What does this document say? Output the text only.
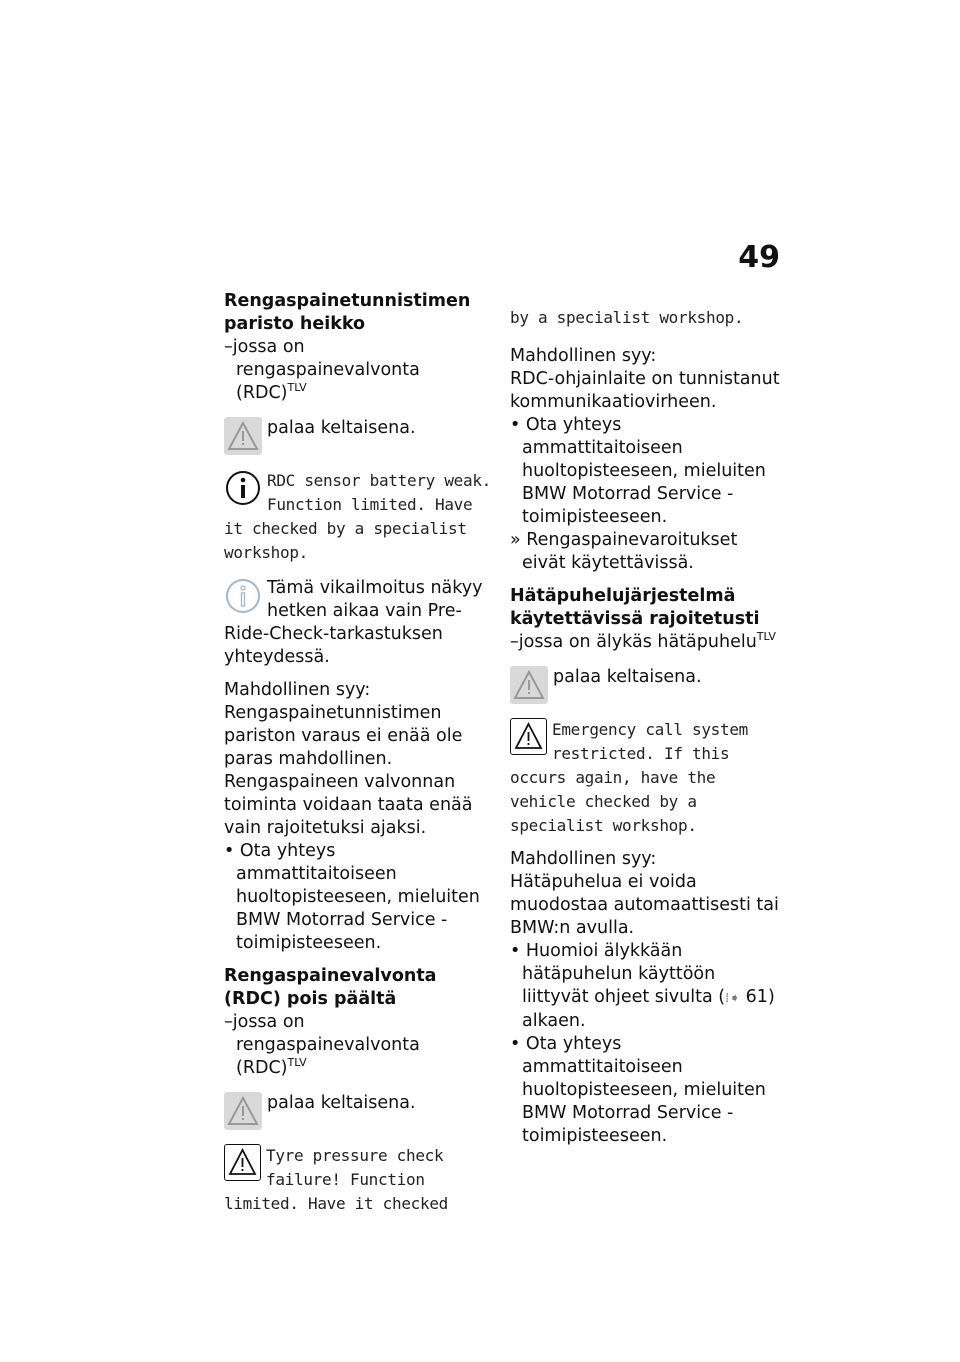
49

Rengaspainetunnistimen paristo heikko

–jossa on rengaspainevalvonta (RDC)$^{TLV}$

palaa keltaisena.
RDC sensor battery weak. Function limited. Have it checked by a specialist workshop.
Tämä vikailmoitus näkyy hetken aikaa vain Pre-Ride-Check-tarkastuksen yhteydessä.

Mahdollinen syy:

Rengaspainetunnistimen pariston varaus ei enää ole paras mahdollinen. Rengaspaineen valvonnan toiminta voidaan taata enää vain rajoitetuksi ajaksi.

• Ota yhteys ammattitaitoiseen huoltopisteeseen, mieluiten BMW Motorrad Service -toimipisteeseen.

Rengaspainevalvonta (RDC) pois päältä

–jossa on rengaspainevalvonta (RDC)$^{TLV}$

palaa keltaisena.
Tyre pressure check failure! Function limited. Have it checked

by a specialist workshop.

Mahdollinen syy:

RDC-ohjainlaite on tunnistanut kommunikaatiovirheen.

• Ota yhteys ammattitaitoiseen huoltopisteeseen, mieluiten BMW Motorrad Service -toimipisteeseen.

» Rengaspainevaroitukset eivät käytettävissä.

Hätäpuhelujärjestelmä käytettävissä rajoitetusti

–jossa on älykäs hätäpuhelu$^{TLV}$

palaa keltaisena.
Emergency call system restricted. If this occurs again, have the vehicle checked by a specialist workshop.

Mahdollinen syy:

Hätäpuhelua ei voida muodostaa automaattisesti tai BMW:n avulla.

• Huomioi älykkään hätäpuhelun käyttöön liittyvät ohjeet sivulta (⁞➧ 61) alkaen.

• Ota yhteys ammattitaitoiseen huoltopisteeseen, mieluiten BMW Motorrad Service -toimipisteeseen.
